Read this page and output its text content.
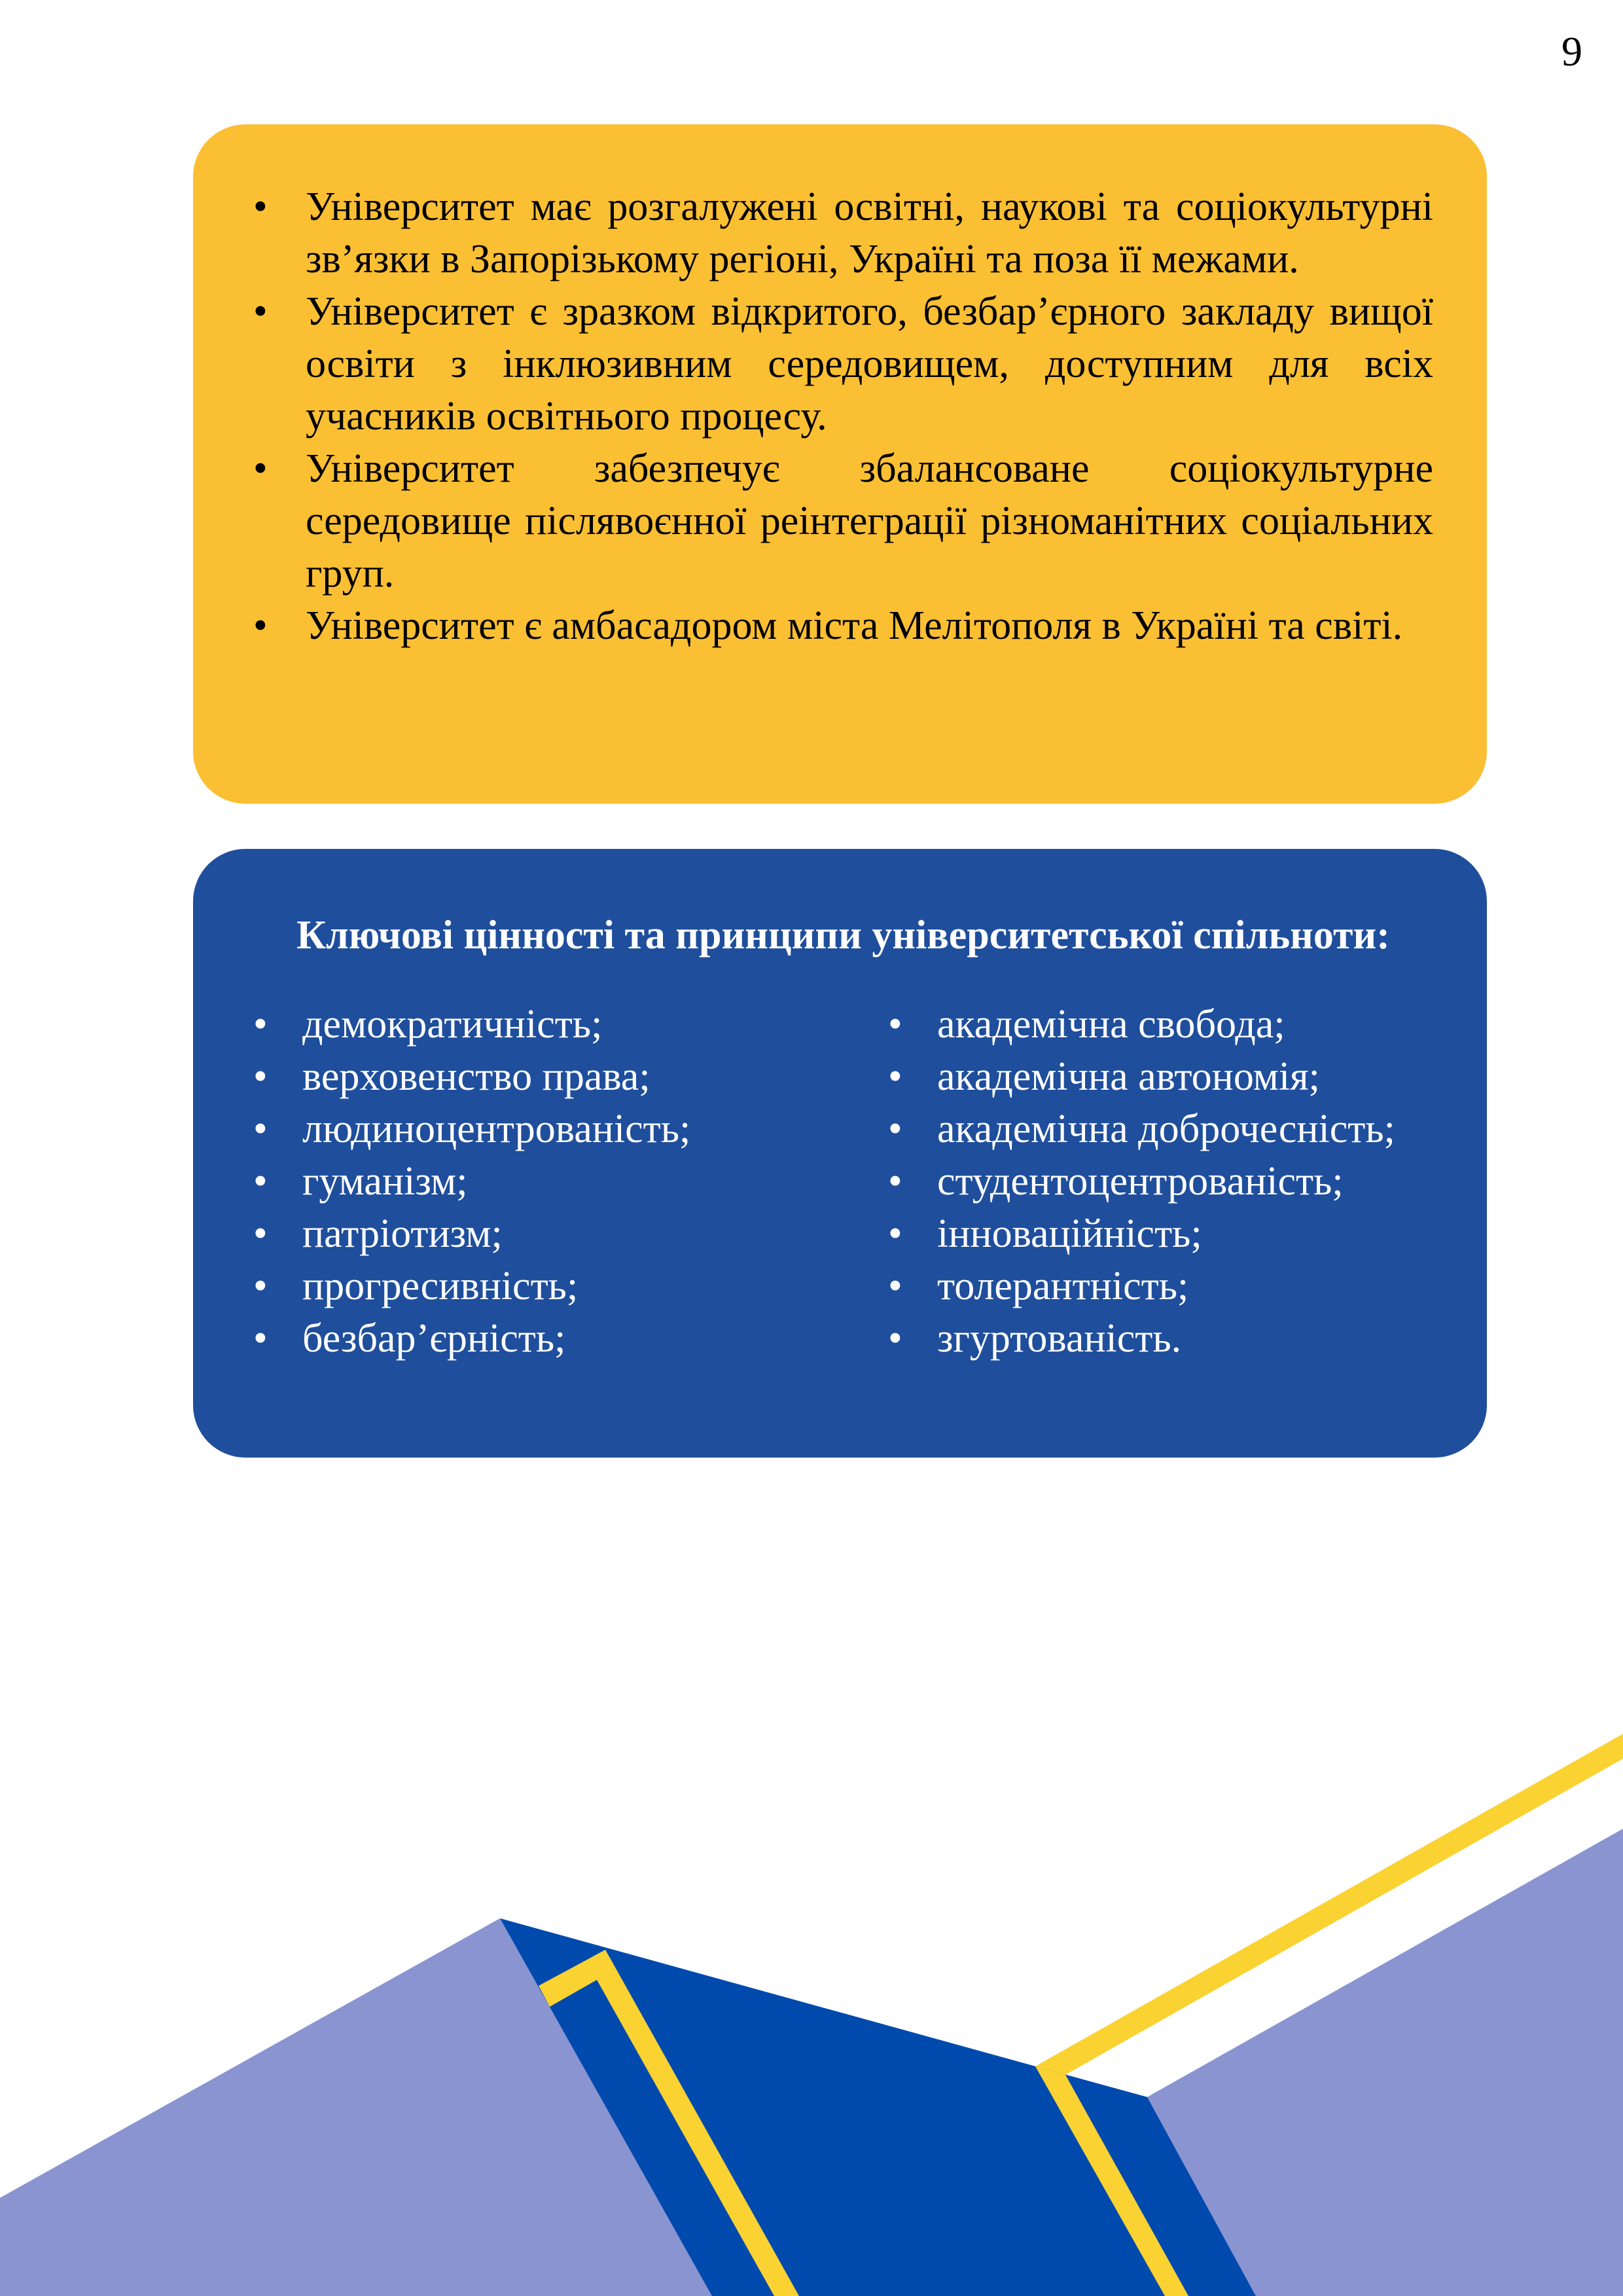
9
• Університет має розгалужені освітні, наукові та соціокультурні зв’язки в Запорізькому регіоні, Україні та поза її межами.
• Університет є зразком відкритого, безбар’єрного закладу вищої освіти з інклюзивним середовищем, доступним для всіх учасників освітнього процесу.
• Університет забезпечує збалансоване соціокультурне середовище післявоєнної реінтеграції різноманітних соціальних груп.
• Університет є амбасадором міста Мелітополя в Україні та світі.
Ключові цінності та принципи університетської спільноти:
• демократичність;
• верховенство права;
• людиноцентрованість;
• гуманізм;
• патріотизм;
• прогресивність;
• безбар’єрність;
• академічна свобода;
• академічна автономія;
• академічна доброчесність;
• студентоцентрованість;
• інноваційність;
• толерантність;
• згуртованість.
